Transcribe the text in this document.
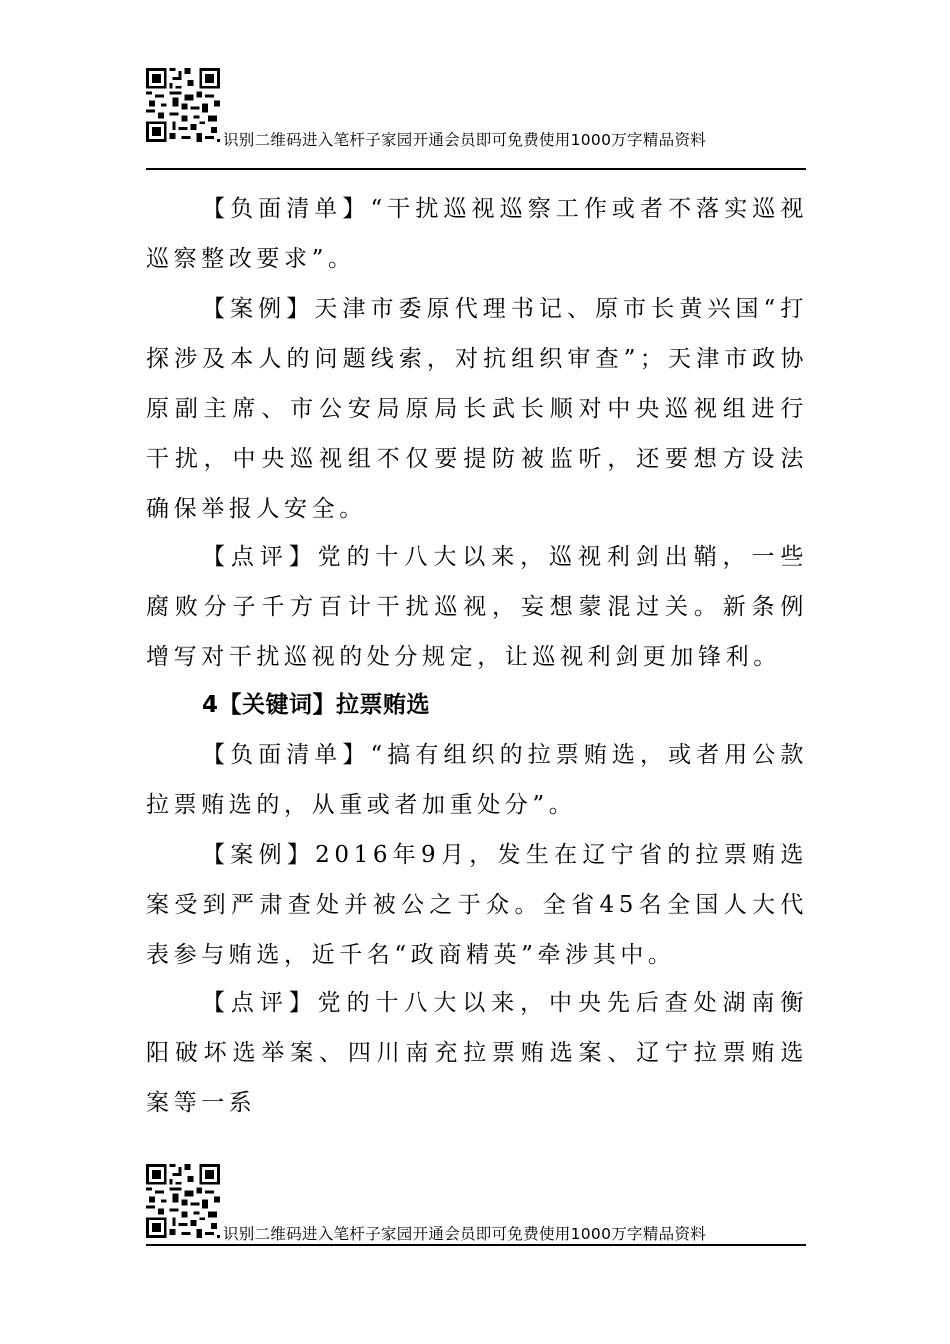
识别二维码进入笔杆子家园开通会员即可免费使用1000万字精品资料

【负面清单】“干扰巡视巡察工作或者不落实巡视巡察整改要求”。

【案例】天津市委原代理书记、原市长黄兴国“打探涉及本人的问题线索，对抗组织审查”；天津市政协原副主席、市公安局原局长武长顺对中央巡视组进行干扰，中央巡视组不仅要提防被监听，还要想方设法确保举报人安全。

【点评】党的十八大以来，巡视利剑出鞘，一些腐败分子千方百计干扰巡视，妄想蒙混过关。新条例增写对干扰巡视的处分规定，让巡视利剑更加锋利。

4【关键词】拉票贿选

【负面清单】“搞有组织的拉票贿选，或者用公款拉票贿选的，从重或者加重处分”。

【案例】2016年9月，发生在辽宁省的拉票贿选案受到严肃查处并被公之于众。全省45名全国人大代表参与贿选，近千名“政商精英”牵涉其中。

【点评】党的十八大以来，中央先后查处湖南衡阳破坏选举案、四川南充拉票贿选案、辽宁拉票贿选案等一系

识别二维码进入笔杆子家园开通会员即可免费使用1000万字精品资料
